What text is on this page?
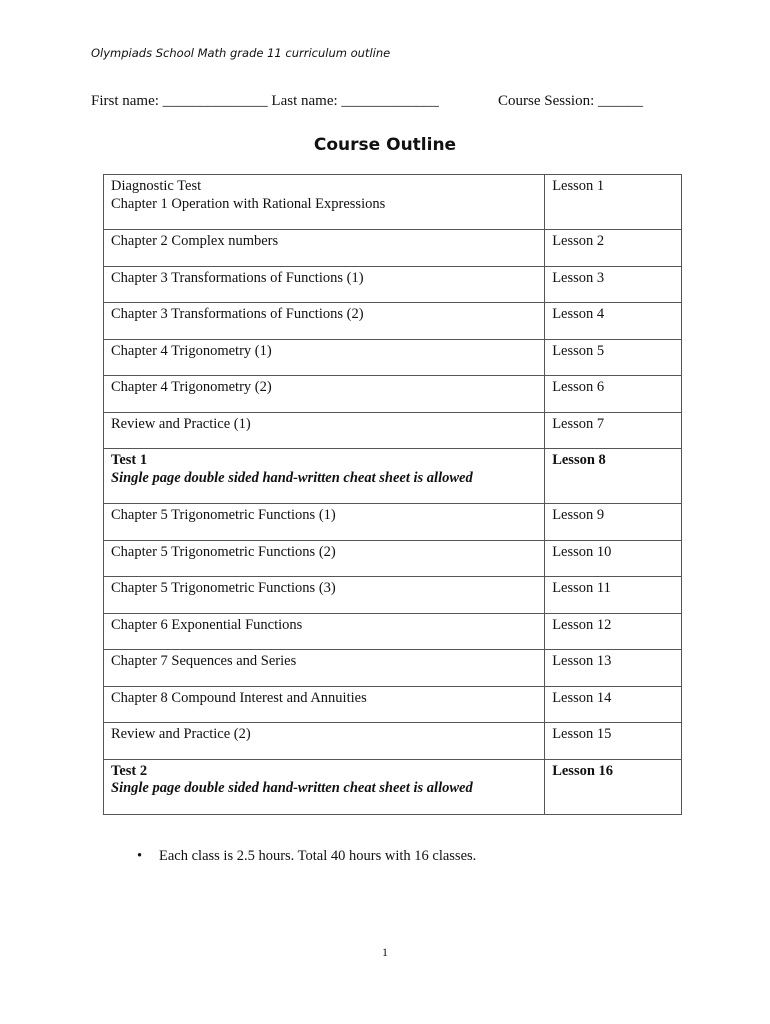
Olympiads School Math grade 11 curriculum outline
First name: ______________ Last name: _____________	Course Session: ______
Course Outline
Diagnostic Test
Chapter 1 Operation with Rational Expressions	Lesson 1
Chapter 2 Complex numbers	Lesson 2
Chapter 3 Transformations of Functions (1)	Lesson 3
Chapter 3 Transformations of Functions (2)	Lesson 4
Chapter 4 Trigonometry (1)	Lesson 5
Chapter 4 Trigonometry (2)	Lesson 6
Review and Practice (1)	Lesson 7

Test 1
Single page double sided hand-written cheat sheet is allowed	Lesson 8
Chapter 5 Trigonometric Functions (1)	Lesson 9
Chapter 5 Trigonometric Functions (2)	Lesson 10
Chapter 5 Trigonometric Functions (3)	Lesson 11
Chapter 6 Exponential Functions	Lesson 12
Chapter 7 Sequences and Series	Lesson 13
Chapter 8 Compound Interest and Annuities	Lesson 14
Review and Practice (2)	Lesson 15

Test 2
Single page double sided hand-written cheat sheet is allowed	Lesson 16
• Each class is 2.5 hours. Total 40 hours with 16 classes.
1
